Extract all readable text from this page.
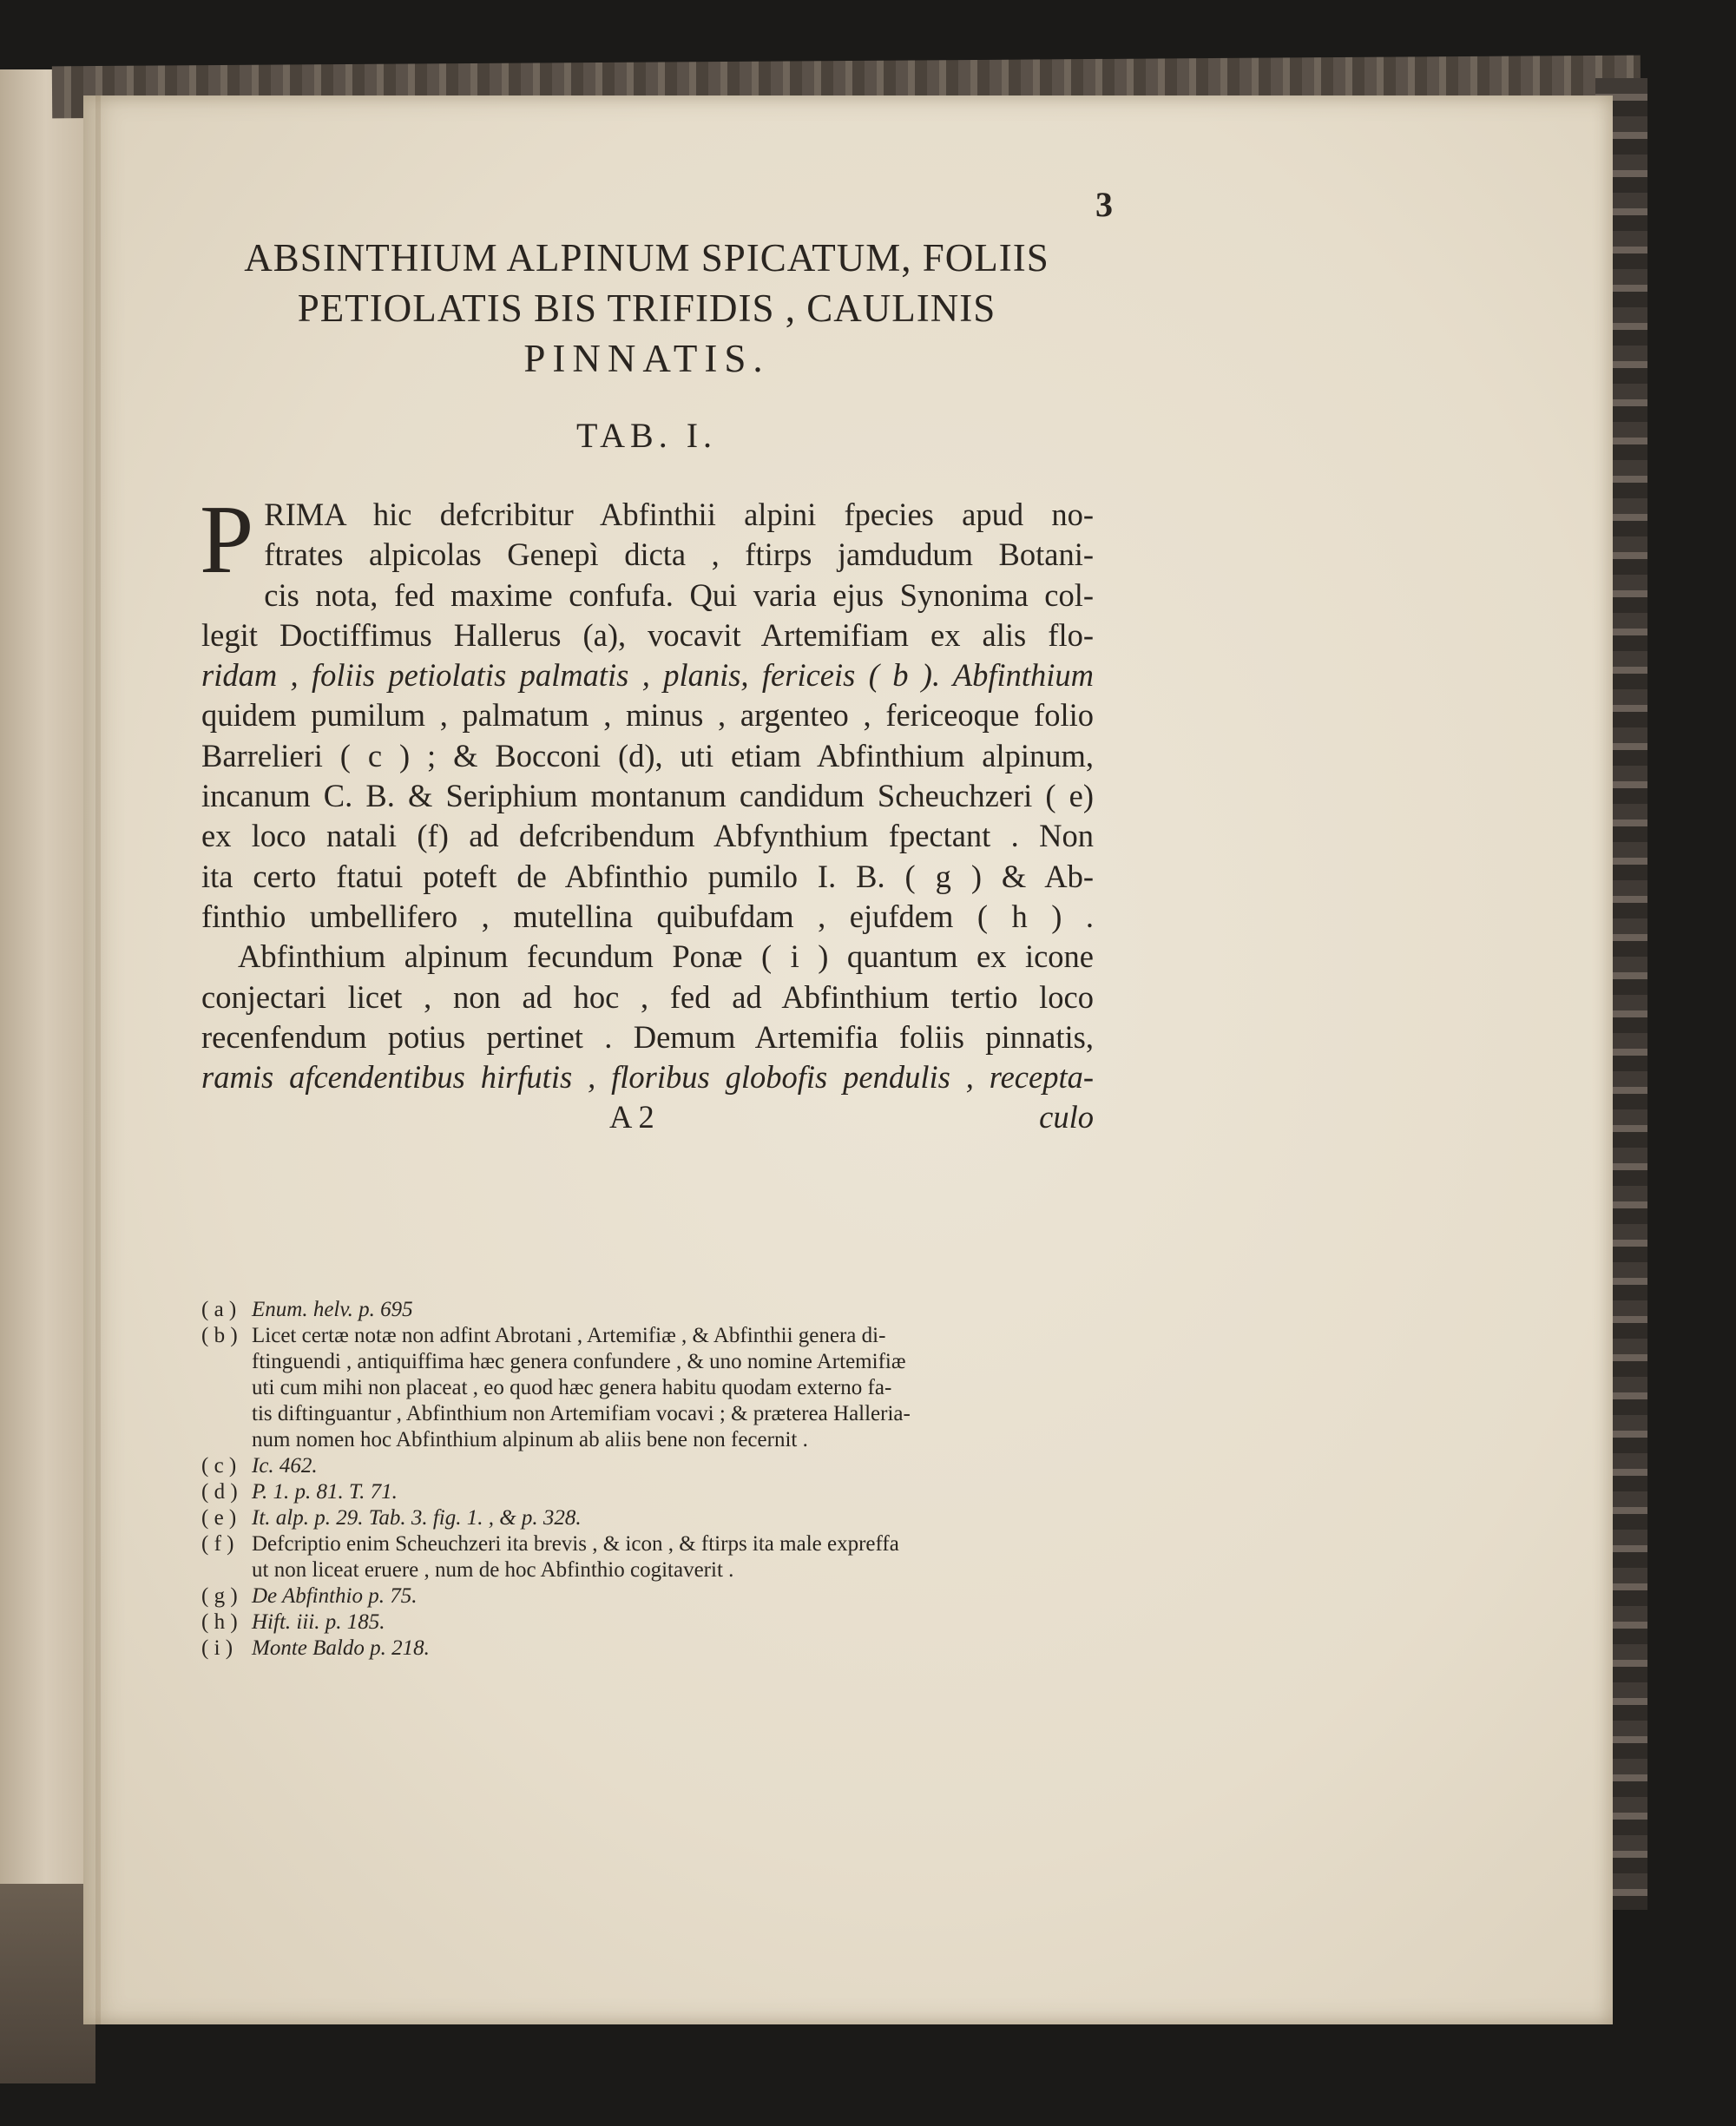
3
ABSINTHIUM ALPINUM SPICATUM, FOLIIS
PETIOLATIS BIS TRIFIDIS , CAULINIS
PINNATIS.
TAB. I.

P RIMA hic defcribitur Abfinthii alpini fpecies apud no-
ftrates alpicolas Genepì dicta , ftirps jamdudum Botani-
cis nota, fed maxime confufa. Qui varia ejus Synonima col-
legit Doctiffimus Hallerus (a), vocavit Artemifiam ex alis flo-
ridam , foliis petiolatis palmatis , planis, fericeis ( b ). Abfinthium
quidem pumilum , palmatum , minus , argenteo , fericeoque folio
Barrelieri ( c ) ; & Bocconi (d), uti etiam Abfinthium alpinum,
incanum C. B. & Seriphium montanum candidum Scheuchzeri ( e)
ex loco natali (f) ad defcribendum Abfynthium fpectant . Non
ita certo ftatui poteft de Abfinthio pumilo I. B. ( g ) & Ab-
finthio umbellifero , mutellina quibufdam , ejufdem ( h ) .

Abfinthium alpinum fecundum Ponæ ( i ) quantum ex icone
conjectari licet , non ad hoc , fed ad Abfinthium tertio loco
recenfendum potius pertinet . Demum Artemifia foliis pinnatis,
ramis afcendentibus hirfutis , floribus globofis pendulis , recepta-

A 2	culo
( a ) Enum. helv. p. 695
( b ) Licet certæ notæ non adfint Abrotani , Artemifiæ , & Abfinthii genera di-
ftinguendi , antiquiffima hæc genera confundere , & uno nomine Artemifiæ
uti cum mihi non placeat , eo quod hæc genera habitu quodam externo fa-
tis diftinguantur , Abfinthium non Artemifiam vocavi ; & præterea Halleria-
num nomen hoc Abfinthium alpinum ab aliis bene non fecernit .
( c ) Ic. 462.
( d ) P. 1. p. 81. T. 71.
( e ) It. alp. p. 29. Tab. 3. fig. 1. , & p. 328.
( f ) Defcriptio enim Scheuchzeri ita brevis , & icon , & ftirps ita male expreffa
ut non liceat eruere , num de hoc Abfinthio cogitaverit .
( g ) De Abfinthio p. 75.
( h ) Hift. iii. p. 185.
( i ) Monte Baldo p. 218.
